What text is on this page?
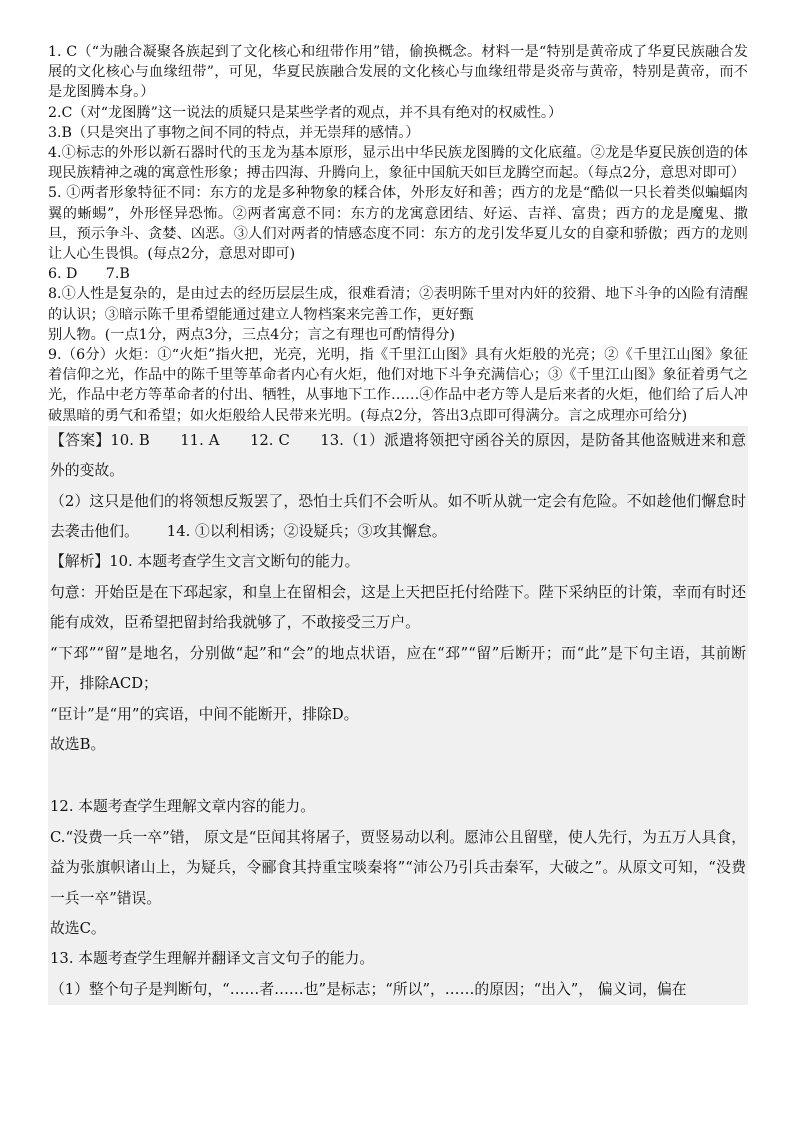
1. C（“为融合凝聚各族起到了文化核心和纽带作用”错，偷换概念。材料一是“特别是黄帝成了华夏民族融合发展的文化核心与血缘纽带”，可见，华夏民族融合发展的文化核心与血缘纽带是炎帝与黄帝，特别是黄帝，而不是龙图腾本身。）

2.C（对“龙图腾”这一说法的质疑只是某些学者的观点，并不具有绝对的权威性。）

3.B（只是突出了事物之间不同的特点，并无崇拜的感情。）

4.①标志的外形以新石器时代的玉龙为基本原形，显示出中华民族龙图腾的文化底蕴。②龙是华夏民族创造的体现民族精神之魂的寓意性形象；搏击四海、升腾向上，象征中国航天如巨龙腾空而起。（每点2分，意思对即可）

5. ①两者形象特征不同：东方的龙是多种物象的糅合体，外形友好和善；西方的龙是“酷似一只长着类似蝙蝠肉翼的蜥蜴”，外形怪异恐怖。②两者寓意不同：东方的龙寓意团结、好运、吉祥、富贵；西方的龙是魔鬼、撒旦，预示争斗、贪婪、凶恶。③人们对两者的情感态度不同：东方的龙引发华夏儿女的自豪和骄傲；西方的龙则让人心生畏惧。(每点2分，意思对即可)

6. D　　7.B

8.①人性是复杂的，是由过去的经历层层生成，很难看清；②表明陈千里对内奸的狡猾、地下斗争的凶险有清醒的认识；③暗示陈千里希望能通过建立人物档案来完善工作，更好甄

别人物。(一点1分，两点3分，三点4分；言之有理也可酌情得分)

9.（6分）火炬：①“火炬”指火把，光亮，光明，指《千里江山图》具有火炬般的光亮；②《千里江山图》象征着信仰之光，作品中的陈千里等革命者内心有火炬，他们对地下斗争充满信心；③《千里江山图》象征着勇气之光，作品中老方等革命者的付出、牺牲，从事地下工作……④作品中老方等人是后来者的火炬，他们给了后人冲破黑暗的勇气和希望；如火炬般给人民带来光明。(每点2分，答出3点即可得满分。言之成理亦可给分)

【答案】10. B　　11. A　　12. C　　13.（1）派遣将领把守函谷关的原因，是防备其他盗贼进来和意外的变故。
（2）这只是他们的将领想反叛罢了，恐怕士兵们不会听从。如不听从就一定会有危险。不如趁他们懈怠时去袭击他们。 14. ①以利相诱；②设疑兵；③攻其懈怠。
【解析】10. 本题考查学生文言文断句的能力。
句意：开始臣是在下邳起家，和皇上在留相会，这是上天把臣托付给陛下。陛下采纳臣的计策，幸而有时还能有成效，臣希望把留封给我就够了，不敢接受三万户。
“下邳”“留”是地名，分别做“起”和“会”的地点状语，应在“邳”“留”后断开；而“此”是下句主语，其前断开，排除ACD；
“臣计”是“用”的宾语，中间不能断开，排除D。
故选B。
12. 本题考查学生理解文章内容的能力。
C.“没费一兵一卒”错， 原文是“臣闻其将屠子，贾竖易动以利。愿沛公且留壁，使人先行，为五万人具食，益为张旗帜诸山上，为疑兵，令郦食其持重宝啖秦将”“沛公乃引兵击秦军，大破之”。从原文可知，“没费一兵一卒”错误。
故选C。
13. 本题考查学生理解并翻译文言文句子的能力。
（1）整个句子是判断句，“……者……也”是标志；“所以”，……的原因；“出入”， 偏义词，偏在
